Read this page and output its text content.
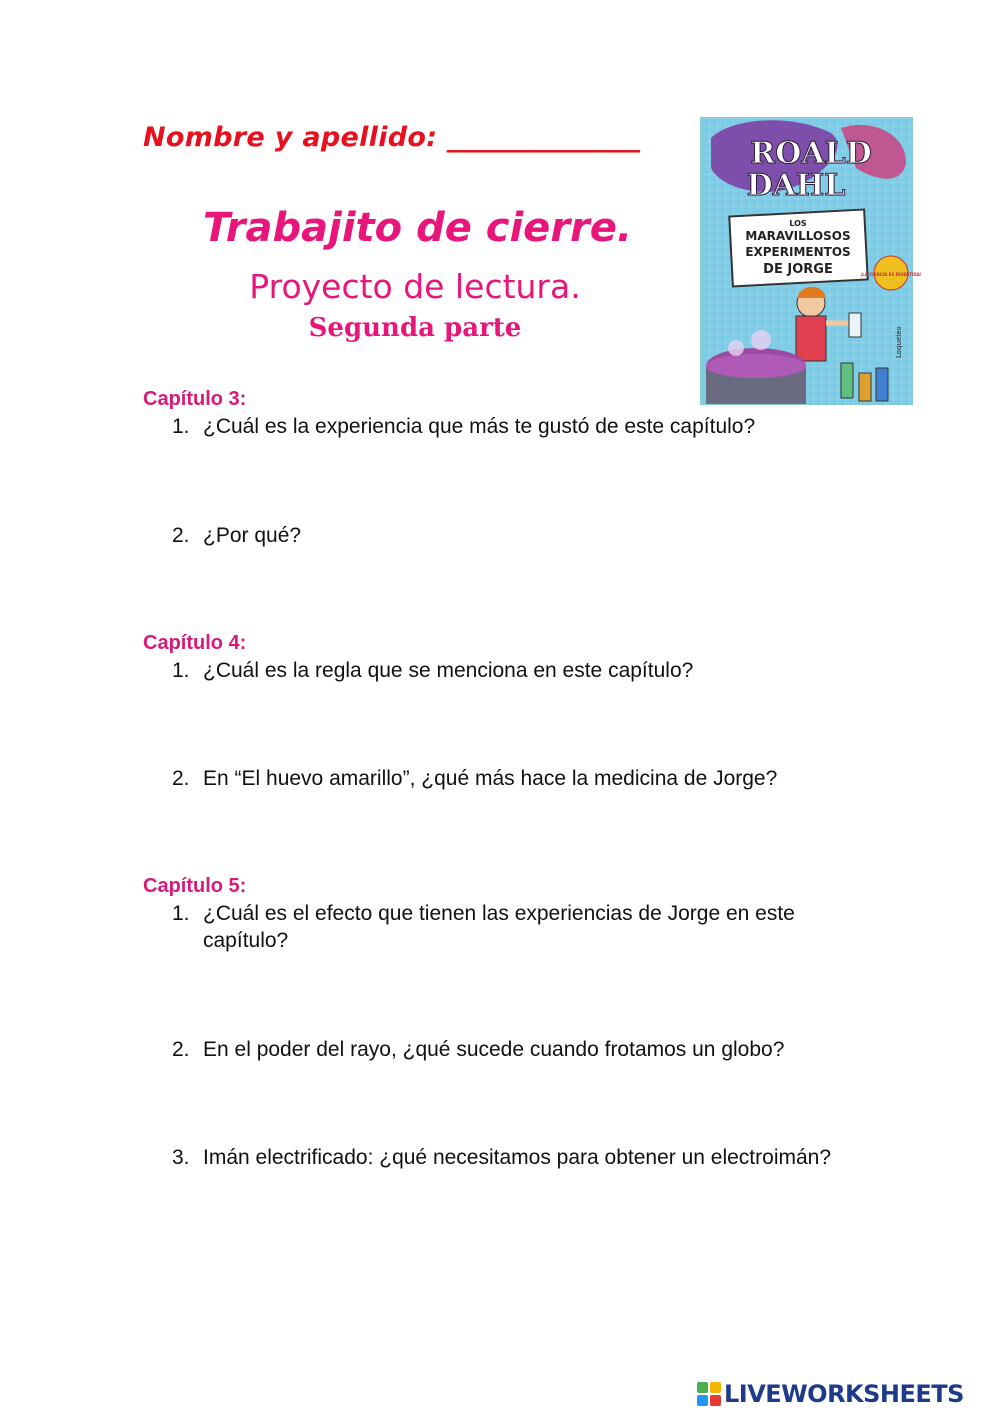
Nombre y apellido: ______________
Trabajito de cierre.
Proyecto de lectura.
Segunda parte
ROALD
DAHL
LOS
MARAVILLOSOS
EXPERIMENTOS
DE JORGE	¡LA CIENCIA ES DIVERTIDA!
Loqueleo
Capítulo 3:
1. ¿Cuál es la experiencia que más te gustó de este capítulo?
2. ¿Por qué?
Capítulo 4:
1. ¿Cuál es la regla que se menciona en este capítulo?
2. En “El huevo amarillo”, ¿qué más hace la medicina de Jorge?
Capítulo 5:
1. ¿Cuál es el efecto que tienen las experiencias de Jorge en este capítulo?
2. En el poder del rayo, ¿qué sucede cuando frotamos un globo?
3. Imán electrificado: ¿qué necesitamos para obtener un electroimán?
LIVEWORKSHEETS
